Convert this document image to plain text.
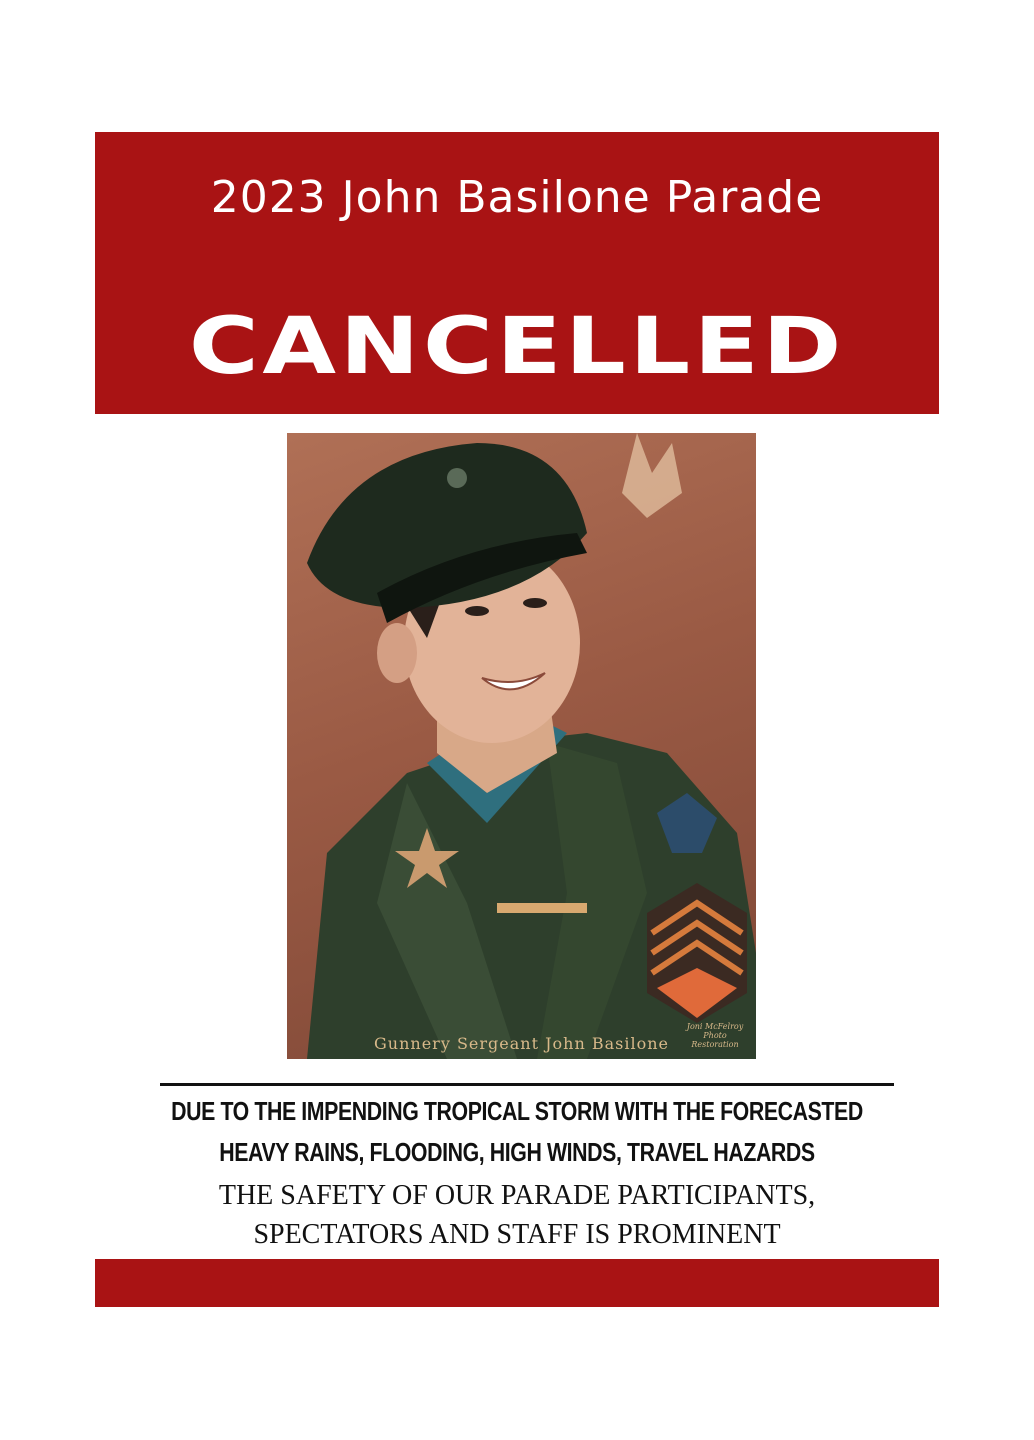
2023 John Basilone Parade
CANCELLED
Gunnery Sergeant John Basilone
Joni McFelroy Photo Restoration
DUE TO THE IMPENDING TROPICAL STORM WITH THE FORECASTED
HEAVY RAINS, FLOODING, HIGH WINDS, TRAVEL HAZARDS
THE SAFETY OF OUR PARADE PARTICIPANTS,
SPECTATORS AND STAFF IS PROMINENT
